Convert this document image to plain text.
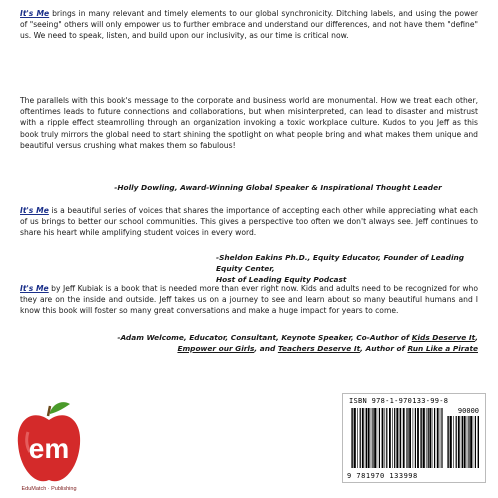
It's Me brings in many relevant and timely elements to our global synchronicity. Ditching labels, and using the power of "seeing" others will only empower us to further embrace and understand our differences, and not have them "define" us. We need to speak, listen, and build upon our inclusivity, as our time is critical now.

The parallels with this book's message to the corporate and business world are monumental. How we treat each other, oftentimes leads to future connections and collaborations, but when misinterpreted, can lead to disaster and mistrust with a ripple effect steamrolling through an organization invoking a toxic workplace culture. Kudos to you Jeff as this book truly mirrors the global need to start shining the spotlight on what people bring and what makes them unique and beautiful versus crushing what makes them so fabulous!

-Holly Dowling, Award-Winning Global Speaker & Inspirational Thought Leader

It's Me is a beautiful series of voices that shares the importance of accepting each other while appreciating what each of us brings to better our school communities. This gives a perspective too often we don't always see. Jeff continues to share his heart while amplifying student voices in every word.

-Sheldon Eakins Ph.D., Equity Educator, Founder of Leading Equity Center,
Host of Leading Equity Podcast

It's Me by Jeff Kubiak is a book that is needed more than ever right now. Kids and adults need to be recognized for who they are on the inside and outside. Jeff takes us on a journey to see and learn about so many beautiful humans and I know this book will foster so many great conversations and make a huge impact for years to come.

-Adam Welcome, Educator, Consultant, Keynote Speaker, Co-Author of Kids Deserve It,
Empower our Girls, and Teachers Deserve It, Author of Run Like a Pirate
em
EduMatch · Publishing
ISBN 978-1-970133-99-8
90000
9 781970 133998
